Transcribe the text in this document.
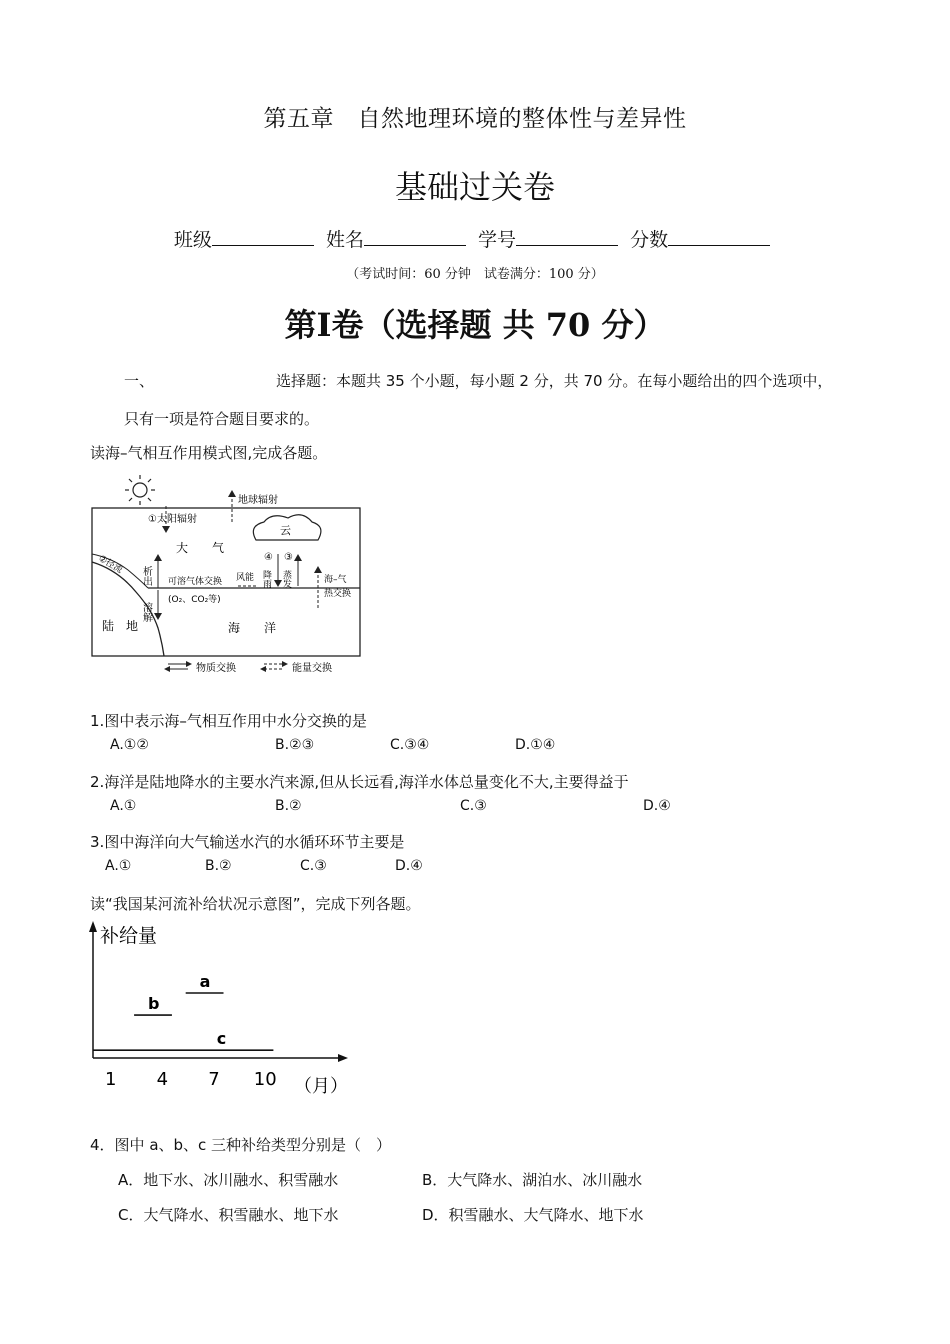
第五章　自然地理环境的整体性与差异性
基础过关卷
班级	姓名	学号	分数
（考试时间：60 分钟　试卷满分：100 分）
第I卷（选择题 共 70 分）
一、	选择题：本题共 35 个小题，每小题 2 分，共 70 分。在每小题给出的四个选项中，
只有一项是符合题目要求的。
读海–气相互作用模式图,完成各题。
地球辐射
①太阳辐射
云
大　　气
②径流
析出
溶解
可溶气体交换
(O₂、CO₂等)
风能
④
降雨
③
蒸发	海–气
热交换
陆　地	海　　洋
物质交换	能量交换
1.图中表示海–气相互作用中水分交换的是
A.①②	B.②③	C.③④	D.①④
2.海洋是陆地降水的主要水汽来源,但从长远看,海洋水体总量变化不大,主要得益于
A.①	B.②	C.③	D.④
3.图中海洋向大气输送水汽的水循环环节主要是
A.①	B.②	C.③	D.④
读“我国某河流补给状况示意图”，完成下列各题。
补给量
1 4 7 10
a
b
c
（月）
4．图中 a、b、c 三种补给类型分别是（　）
A．地下水、冰川融水、积雪融水	B．大气降水、湖泊水、冰川融水
C．大气降水、积雪融水、地下水	D．积雪融水、大气降水、地下水
